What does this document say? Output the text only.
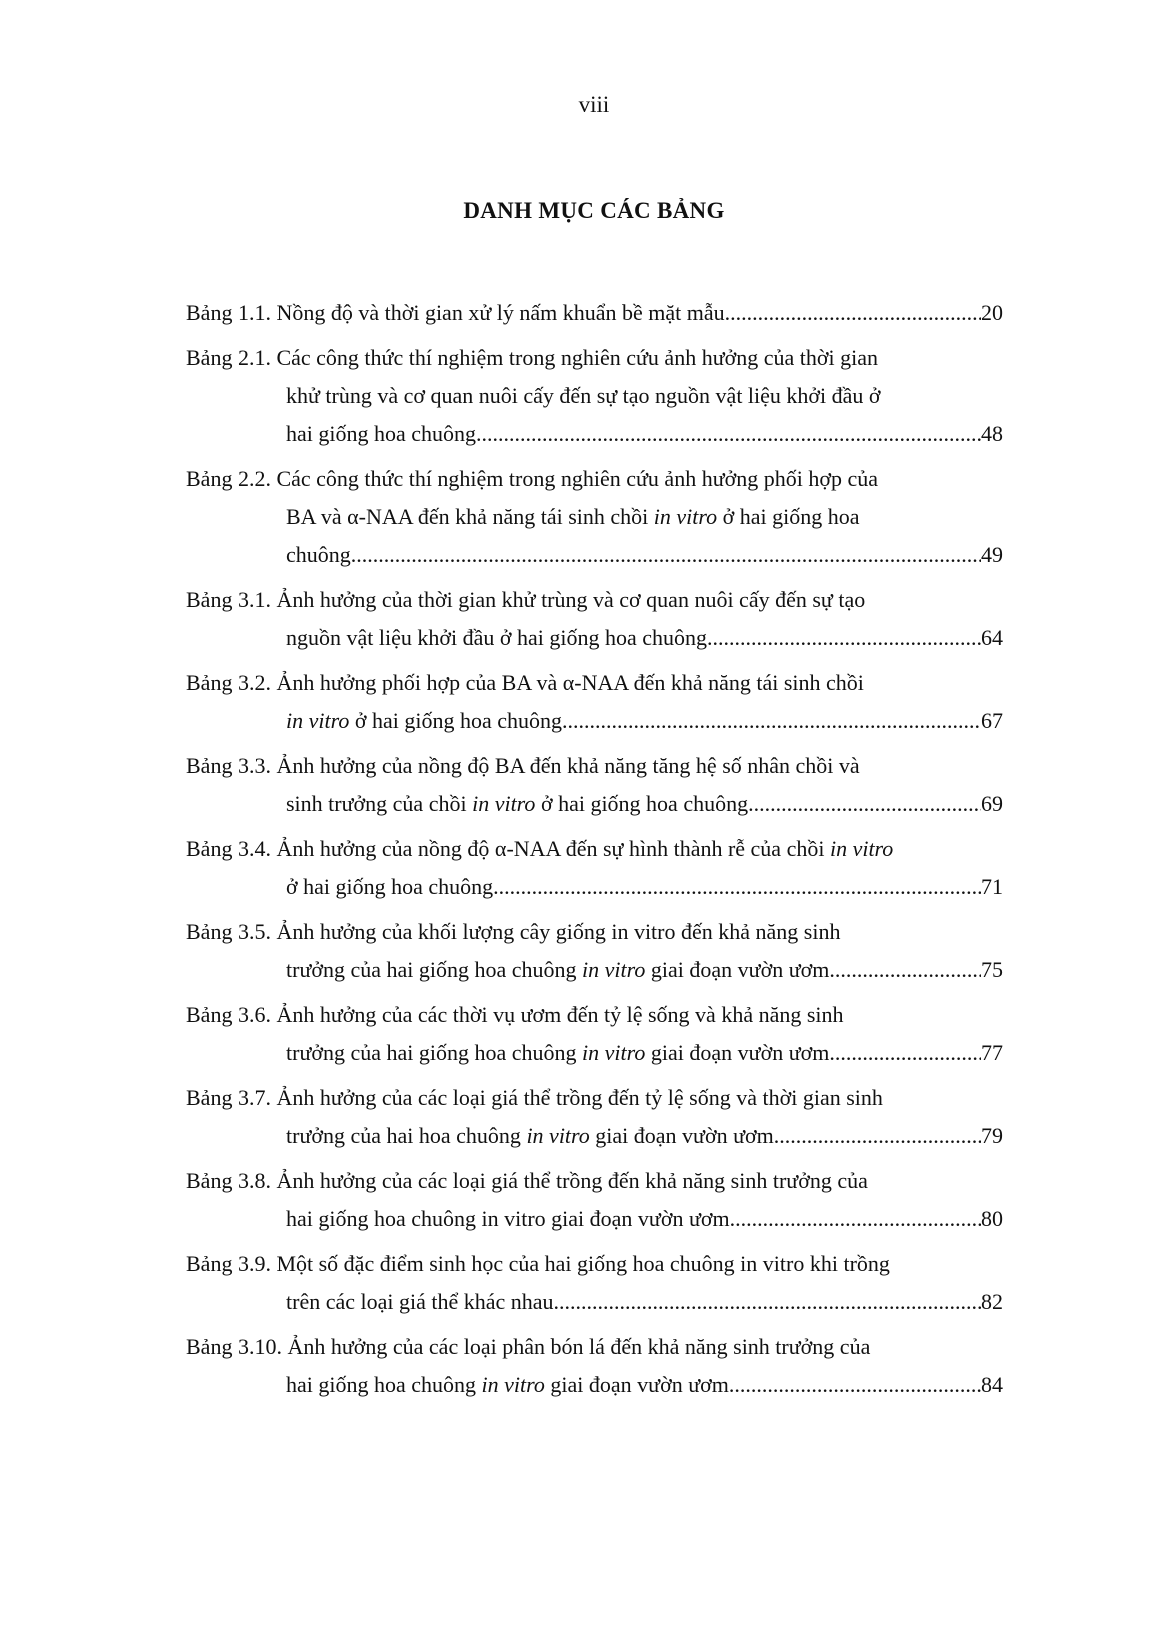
viii
DANH MỤC CÁC BẢNG
Bảng 1.1. Nồng độ và thời gian xử lý nấm khuẩn bề mặt mẫu .....	20
Bảng 2.1. Các công thức thí nghiệm trong nghiên cứu ảnh hưởng của thời gian
khử trùng và cơ quan nuôi cấy đến sự tạo nguồn vật liệu khởi đầu ở
hai giống hoa chuông .....	48
Bảng 2.2. Các công thức thí nghiệm trong nghiên cứu ảnh hưởng phối hợp của
BA và α-NAA đến khả năng tái sinh chồi in vitro ở hai giống hoa
chuông .....	49
Bảng 3.1. Ảnh hưởng của thời gian khử trùng và cơ quan nuôi cấy đến sự tạo
nguồn vật liệu khởi đầu ở hai giống hoa chuông .....	64
Bảng 3.2. Ảnh hưởng phối hợp của BA và α-NAA đến khả năng tái sinh chồi
in vitro ở hai giống hoa chuông .....	67
Bảng 3.3. Ảnh hưởng của nồng độ BA đến khả năng tăng hệ số nhân chồi và
sinh trưởng của chồi in vitro ở hai giống hoa chuông .....	69
Bảng 3.4. Ảnh hưởng của nồng độ α-NAA đến sự hình thành rễ của chồi in vitro
ở hai giống hoa chuông .....	71
Bảng 3.5. Ảnh hưởng của khối lượng cây giống in vitro đến khả năng sinh
trưởng của hai giống hoa chuông in vitro giai đoạn vườn ươm .....	75
Bảng 3.6. Ảnh hưởng của các thời vụ ươm đến tỷ lệ sống và khả năng sinh
trưởng của hai giống hoa chuông in vitro giai đoạn vườn ươm .....	77
Bảng 3.7. Ảnh hưởng của các loại giá thể trồng đến tỷ lệ sống và thời gian sinh
trưởng của hai hoa chuông in vitro giai đoạn vườn ươm. .....	79
Bảng 3.8. Ảnh hưởng của các loại giá thể trồng đến khả năng sinh trưởng của
hai giống hoa chuông in vitro giai đoạn vườn ươm. .....	80
Bảng 3.9. Một số đặc điểm sinh học của hai giống hoa chuông in vitro khi trồng
trên các loại giá thể khác nhau .....	82
Bảng 3.10. Ảnh hưởng của các loại phân bón lá đến khả năng sinh trưởng của
hai giống hoa chuông in vitro giai đoạn vườn ươm .....	84
